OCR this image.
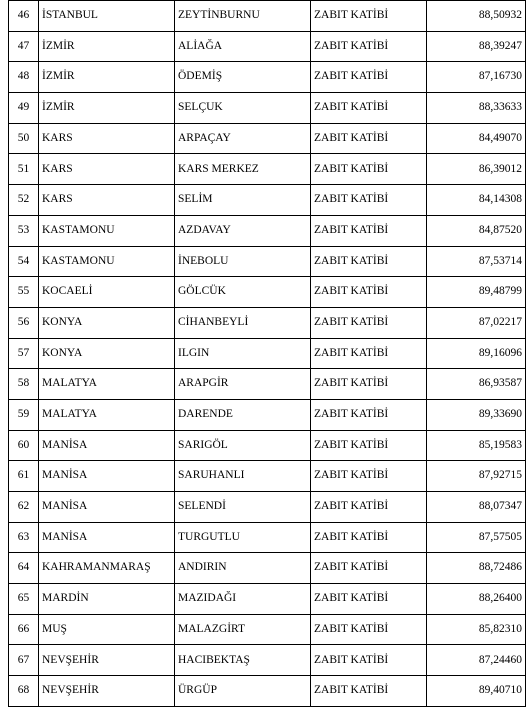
46	İSTANBUL	ZEYTİNBURNU	ZABIT KATİBİ	88,50932
47	İZMİR	ALİAĞA	ZABIT KATİBİ	88,39247
48	İZMİR	ÖDEMİŞ	ZABIT KATİBİ	87,16730
49	İZMİR	SELÇUK	ZABIT KATİBİ	88,33633
50	KARS	ARPAÇAY	ZABIT KATİBİ	84,49070
51	KARS	KARS MERKEZ	ZABIT KATİBİ	86,39012
52	KARS	SELİM	ZABIT KATİBİ	84,14308
53	KASTAMONU	AZDAVAY	ZABIT KATİBİ	84,87520
54	KASTAMONU	İNEBOLU	ZABIT KATİBİ	87,53714
55	KOCAELİ	GÖLCÜK	ZABIT KATİBİ	89,48799
56	KONYA	CİHANBEYLİ	ZABIT KATİBİ	87,02217
57	KONYA	ILGIN	ZABIT KATİBİ	89,16096
58	MALATYA	ARAPGİR	ZABIT KATİBİ	86,93587
59	MALATYA	DARENDE	ZABIT KATİBİ	89,33690
60	MANİSA	SARIGÖL	ZABIT KATİBİ	85,19583
61	MANİSA	SARUHANLI	ZABIT KATİBİ	87,92715
62	MANİSA	SELENDİ	ZABIT KATİBİ	88,07347
63	MANİSA	TURGUTLU	ZABIT KATİBİ	87,57505
64	KAHRAMANMARAŞ	ANDIRIN	ZABIT KATİBİ	88,72486
65	MARDİN	MAZIDAĞI	ZABIT KATİBİ	88,26400
66	MUŞ	MALAZGİRT	ZABIT KATİBİ	85,82310
67	NEVŞEHİR	HACIBEKTAŞ	ZABIT KATİBİ	87,24460
68	NEVŞEHİR	ÜRGÜP	ZABIT KATİBİ	89,40710
